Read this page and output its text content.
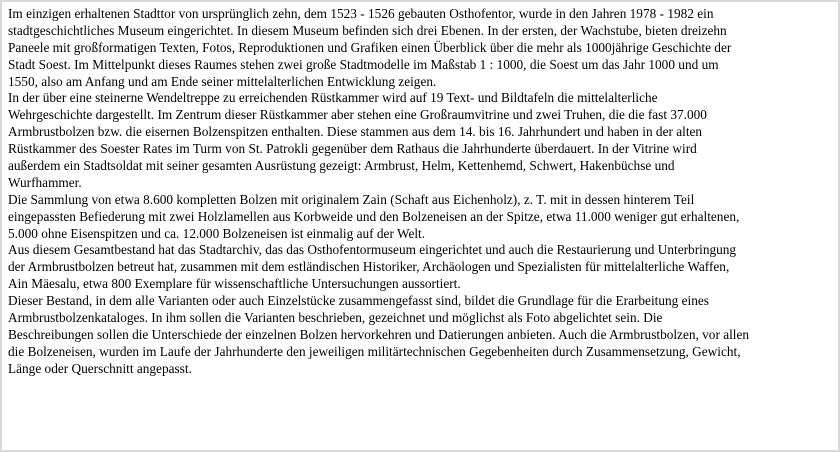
Im einzigen erhaltenen Stadttor von ursprünglich zehn, dem 1523 - 1526 gebauten Osthofentor, wurde in den Jahren 1978 - 1982 ein
stadtgeschichtliches Museum eingerichtet. In diesem Museum befinden sich drei Ebenen. In der ersten, der Wachstube, bieten dreizehn
Paneele mit großformatigen Texten, Fotos, Reproduktionen und Grafiken einen Überblick über die mehr als 1000jährige Geschichte der
Stadt Soest. Im Mittelpunkt dieses Raumes stehen zwei große Stadtmodelle im Maßstab 1 : 1000, die Soest um das Jahr 1000 und um
1550, also am Anfang und am Ende seiner mittelalterlichen Entwicklung zeigen.
In der über eine steinerne Wendeltreppe zu erreichenden Rüstkammer wird auf 19 Text- und Bildtafeln die mittelalterliche
Wehrgeschichte dargestellt. Im Zentrum dieser Rüstkammer aber stehen eine Großraumvitrine und zwei Truhen, die die fast 37.000
Armbrustbolzen bzw. die eisernen Bolzenspitzen enthalten. Diese stammen aus dem 14. bis 16. Jahrhundert und haben in der alten
Rüstkammer des Soester Rates im Turm von St. Patrokli gegenüber dem Rathaus die Jahrhunderte überdauert. In der Vitrine wird
außerdem ein Stadtsoldat mit seiner gesamten Ausrüstung gezeigt: Armbrust, Helm, Kettenhemd, Schwert, Hakenbüchse und
Wurfhammer.
Die Sammlung von etwa 8.600 kompletten Bolzen mit originalem Zain (Schaft aus Eichenholz), z. T. mit in dessen hinterem Teil
eingepassten Befiederung mit zwei Holzlamellen aus Korbweide und den Bolzeneisen an der Spitze, etwa 11.000 weniger gut erhaltenen,
5.000 ohne Eisenspitzen und ca. 12.000 Bolzeneisen ist einmalig auf der Welt.
Aus diesem Gesamtbestand hat das Stadtarchiv, das das Osthofentormuseum eingerichtet und auch die Restaurierung und Unterbringung
der Armbrustbolzen betreut hat, zusammen mit dem estländischen Historiker, Archäologen und Spezialisten für mittelalterliche Waffen,
Ain Mäesalu, etwa 800 Exemplare für wissenschaftliche Untersuchungen aussortiert.
Dieser Bestand, in dem alle Varianten oder auch Einzelstücke zusammengefasst sind, bildet die Grundlage für die Erarbeitung eines
Armbrustbolzenkataloges. In ihm sollen die Varianten beschrieben, gezeichnet und möglichst als Foto abgelichtet sein. Die
Beschreibungen sollen die Unterschiede der einzelnen Bolzen hervorkehren und Datierungen anbieten. Auch die Armbrustbolzen, vor allen
die Bolzeneisen, wurden im Laufe der Jahrhunderte den jeweiligen militärtechnischen Gegebenheiten durch Zusammensetzung, Gewicht,
Länge oder Querschnitt angepasst.
